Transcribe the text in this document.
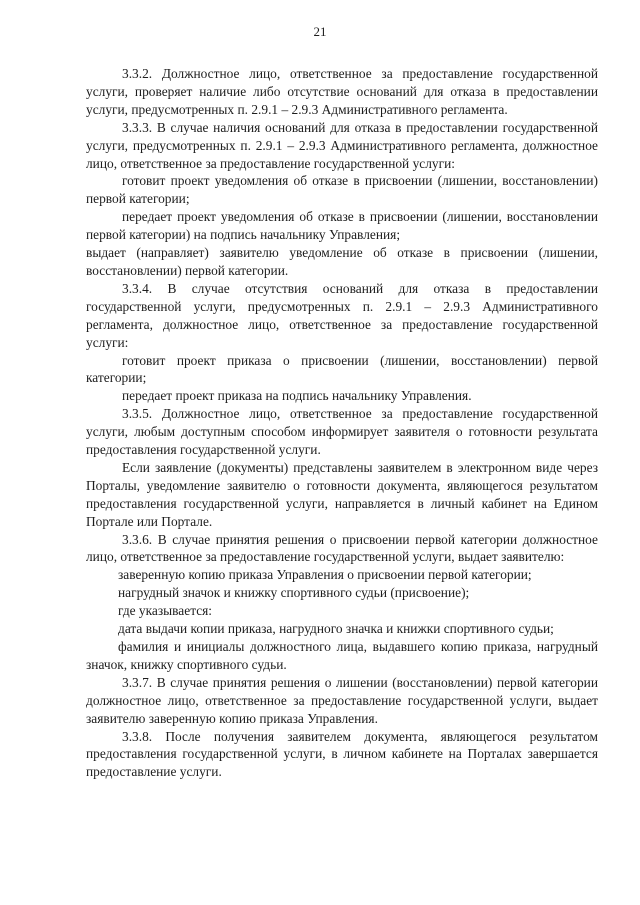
21

3.3.2. Должностное лицо, ответственное за предоставление государственной услуги, проверяет наличие либо отсутствие оснований для отказа в предоставлении услуги, предусмотренных п. 2.9.1 – 2.9.3 Административного регламента.

3.3.3. В случае наличия оснований для отказа в предоставлении государственной услуги, предусмотренных п. 2.9.1 – 2.9.3 Административного регламента, должностное лицо, ответственное за предоставление государственной услуги:

готовит проект уведомления об отказе в присвоении (лишении, восстановлении) первой категории;

передает проект уведомления об отказе в присвоении (лишении, восстановлении первой категории) на подпись начальнику Управления;

выдает (направляет) заявителю уведомление об отказе в присвоении (лишении, восстановлении) первой категории.

3.3.4. В случае отсутствия оснований для отказа в предоставлении государственной услуги, предусмотренных п. 2.9.1 – 2.9.3 Административного регламента, должностное лицо, ответственное за предоставление государственной услуги:

готовит проект приказа о присвоении (лишении, восстановлении) первой категории;

передает проект приказа на подпись начальнику Управления.

3.3.5. Должностное лицо, ответственное за предоставление государственной услуги, любым доступным способом информирует заявителя о готовности результата предоставления государственной услуги.

Если заявление (документы) представлены заявителем в электронном виде через Порталы, уведомление заявителю о готовности документа, являющегося результатом предоставления государственной услуги, направляется в личный кабинет на Едином Портале или Портале.

3.3.6. В случае принятия решения о присвоении первой категории должностное лицо, ответственное за предоставление государственной услуги, выдает заявителю:

заверенную копию приказа Управления о присвоении первой категории;

нагрудный значок и книжку спортивного судьи (присвоение);

где указывается:

дата выдачи копии приказа, нагрудного значка и книжки спортивного судьи;

фамилия и инициалы должностного лица, выдавшего копию приказа, нагрудный значок, книжку спортивного судьи.

3.3.7. В случае принятия решения о лишении (восстановлении) первой категории должностное лицо, ответственное за предоставление государственной услуги, выдает заявителю заверенную копию приказа Управления.

3.3.8. После получения заявителем документа, являющегося результатом предоставления государственной услуги, в личном кабинете на Порталах завершается предоставление услуги.
